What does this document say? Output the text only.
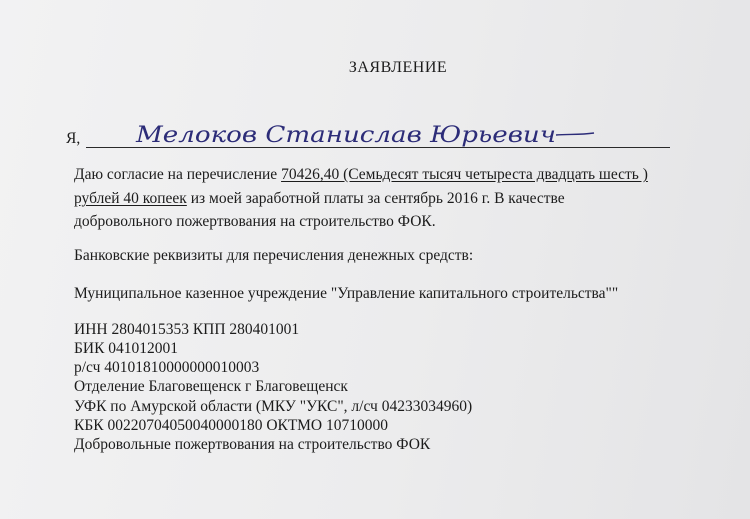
ЗАЯВЛЕНИЕ
Я, Мелоков Станислав Юрьевич
Даю согласие на перечисление 70426,40 (Семьдесят тысяч четыреста двадцать шесть )
рублей 40 копеек из моей заработной платы за сентябрь 2016 г. В качестве
добровольного пожертвования на строительство ФОК.
Банковские реквизиты для перечисления денежных средств:
Муниципальное казенное учреждение "Управление капитального строительства""
ИНН 2804015353 КПП 280401001
БИК 041012001
р/сч 40101810000000010003
Отделение Благовещенск г Благовещенск
УФК по Амурской области (МКУ "УКС", л/сч 04233034960)
КБК 00220704050040000180 ОКТМО 10710000
Добровольные пожертвования на строительство ФОК
